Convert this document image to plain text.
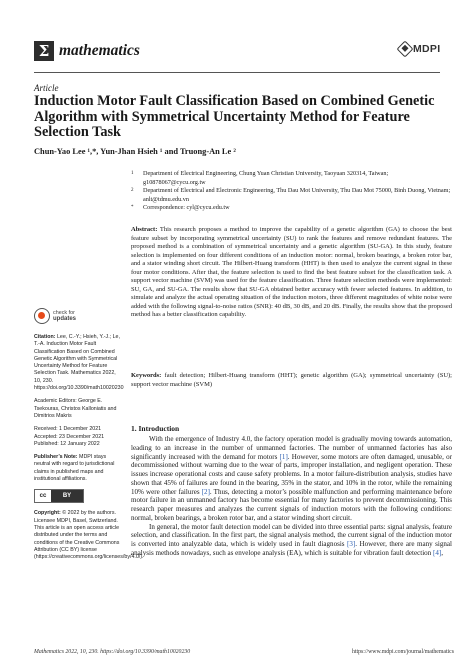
Σ mathematics	MDPI
Article
Induction Motor Fault Classification Based on Combined Genetic Algorithm with Symmetrical Uncertainty Method for Feature Selection Task
Chun-Yao Lee ¹,*, Yun-Jhan Hsieh ¹ and Truong-An Le ²
1	Department of Electrical Engineering, Chung Yuan Christian University, Taoyuan 320314, Taiwan; g10878067@cycu.org.tw
2	Department of Electrical and Electronic Engineering, Thu Dau Mot University, Thu Dau Mot 75000, Binh Duong, Vietnam; anlt@tdmu.edu.vn
*	Correspondence: cyl@cycu.edu.tw
Abstract: This research proposes a method to improve the capability of a genetic algorithm (GA) to choose the best feature subset by incorporating symmetrical uncertainty (SU) to rank the features and remove redundant features. The proposed method is a combination of symmetrical uncertainty and a genetic algorithm (SU-GA). In this study, feature selection is implemented on four different conditions of an induction motor: normal, broken bearings, a broken rotor bar, and a stator winding short circuit. The Hilbert-Huang transform (HHT) is then used to analyze the current signal in these four motor conditions. After that, the feature selection is used to find the best feature subset for the classification task. A support vector machine (SVM) was used for the feature classification. Three feature selection methods were implemented: SU, GA, and SU-GA. The results show that SU-GA obtained better accuracy with fewer selected features. In addition, to simulate and analyze the actual operating situation of the induction motors, three different magnitudes of white noise were added with the following signal-to-noise ratios (SNR): 40 dB, 30 dB, and 20 dB. Finally, the results show that the proposed method has a better classification capability.
Keywords: fault detection; Hilbert-Huang transform (HHT); genetic algorithm (GA); symmetrical uncertainty (SU); support vector machine (SVM)
check for
updates
Citation: Lee, C.-Y.; Hsieh, Y.-J.; Le, T.-A. Induction Motor Fault Classification Based on Combined Genetic Algorithm with Symmetrical Uncertainty Method for Feature Selection Task. Mathematics 2022, 10, 230. https://doi.org/10.3390/math10020230
Academic Editors: George E. Tsekouras, Christos Kalloniatis and Dimitrios Makris
Received: 1 December 2021
Accepted: 23 December 2021
Published: 12 January 2022
Publisher’s Note: MDPI stays neutral with regard to jurisdictional claims in published maps and institutional affiliations.
cc	BY
Copyright: © 2022 by the authors. Licensee MDPI, Basel, Switzerland. This article is an open access article distributed under the terms and conditions of the Creative Commons Attribution (CC BY) license (https://creativecommons.org/licenses/by/4.0/).
1. Introduction

With the emergence of Industry 4.0, the factory operation model is gradually moving towards automation, leading to an increase in the number of unmanned factories. The number of unmanned factories has also significantly increased with the demand for motors [1]. However, some motors are often damaged, unusable, or decommissioned without warning due to the wear of parts, improper installation, and negligent operation. These issues increase operational costs and cause safety problems. In a motor failure-distribution analysis, studies have shown that 45% of failures are found in the bearing, 35% in the stator, and 10% in the rotor, while the remaining 10% were other failures [2]. Thus, detecting a motor’s possible malfunction and performing maintenance before motor failure in an unmanned factory has become essential for many factories to prevent decommissioning. This research paper measures and analyzes the current signals of induction motors with the following conditions: normal, broken bearings, a broken rotor bar, and a stator winding short circuit.

In general, the motor fault detection model can be divided into three essential parts: signal analysis, feature selection, and classification. In the first part, the signal analysis method, the current signal of the induction motor is converted into analyzable data, which is widely used in fault diagnosis [3]. However, there are many signal analysis methods nowadays, such as envelope analysis (EA), which is suitable for vibration fault detection [4],

Mathematics 2022, 10, 230. https://doi.org/10.3390/math10020230	https://www.mdpi.com/journal/mathematics
